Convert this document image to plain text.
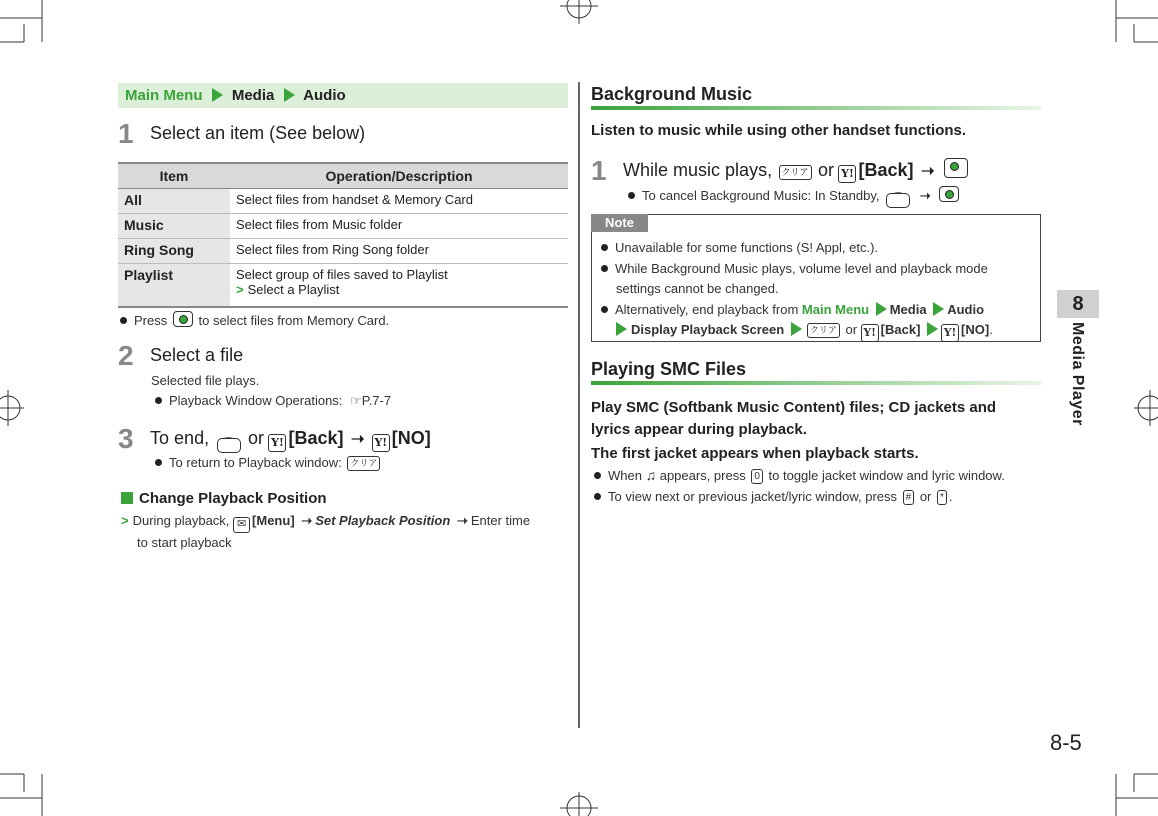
Main Menu Media Audio
1 Select an item (See below)
Item	Operation/Description
All	Select files from handset & Memory Card
Music	Select files from Music folder
Ring Song	Select files from Ring Song folder
Playlist	Select group of files saved to Playlist
> Select a Playlist
Press to select files from Memory Card.
2 Select a file
Selected file plays.
Playback Window Operations: ☞P.7-7
3 To end, ⌒ or Y! [Back] ➝ Y! [NO]
To return to Playback window: クリア
Change Playback Position
> During playback, ✉ [Menu] ➝ Set Playback Position ➝ Enter time
to start playback
Background Music
Listen to music while using other handset functions.
1 While music plays, クリア or Y! [Back] ➝
To cancel Background Music: In Standby, ⌒ ➝
Note
Unavailable for some functions (S! Appl, etc.).
While Background Music plays, volume level and playback mode
settings cannot be changed.
Alternatively, end playback from Main Menu Media Audio
Display Playback Screen	クリア or Y! [Back] Y! [NO].
Playing SMC Files
Play SMC (Softbank Music Content) files; CD jackets and
lyrics appear during playback.
The first jacket appears when playback starts.
When ♫ appears, press 0 to toggle jacket window and lyric window.
To view next or previous jacket/lyric window, press # or * .
8
Media Player
8-5
